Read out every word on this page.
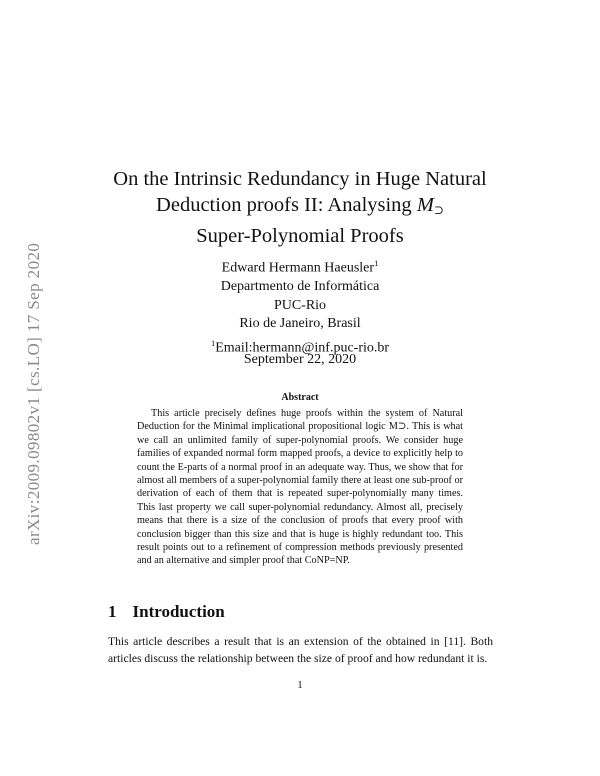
arXiv:2009.09802v1 [cs.LO] 17 Sep 2020
On the Intrinsic Redundancy in Huge Natural
Deduction proofs II: Analysing $M_⊃$
Super-Polynomial Proofs
Edward Hermann Haeusler$^1$
Departmento de Informática
PUC-Rio
Rio de Janeiro, Brasil
$^1$Email:hermann@inf.puc-rio.br
September 22, 2020
Abstract
This article precisely defines huge proofs within the system of Natural Deduction for the Minimal implicational propositional logic M⊃. This is what we call an unlimited family of super-polynomial proofs. We consider huge families of expanded normal form mapped proofs, a device to explicitly help to count the E-parts of a normal proof in an adequate way. Thus, we show that for almost all members of a super-polynomial family there at least one sub-proof or derivation of each of them that is repeated super-polynomially many times. This last property we call super-polynomial redundancy. Almost all, precisely means that there is a size of the conclusion of proofs that every proof with conclusion bigger than this size and that is huge is highly redundant too. This result points out to a refinement of compression methods previously presented and an alternative and simpler proof that CoNP=NP.
1 Introduction
This article describes a result that is an extension of the obtained in [11]. Both articles discuss the relationship between the size of proof and how redundant it is.
1
